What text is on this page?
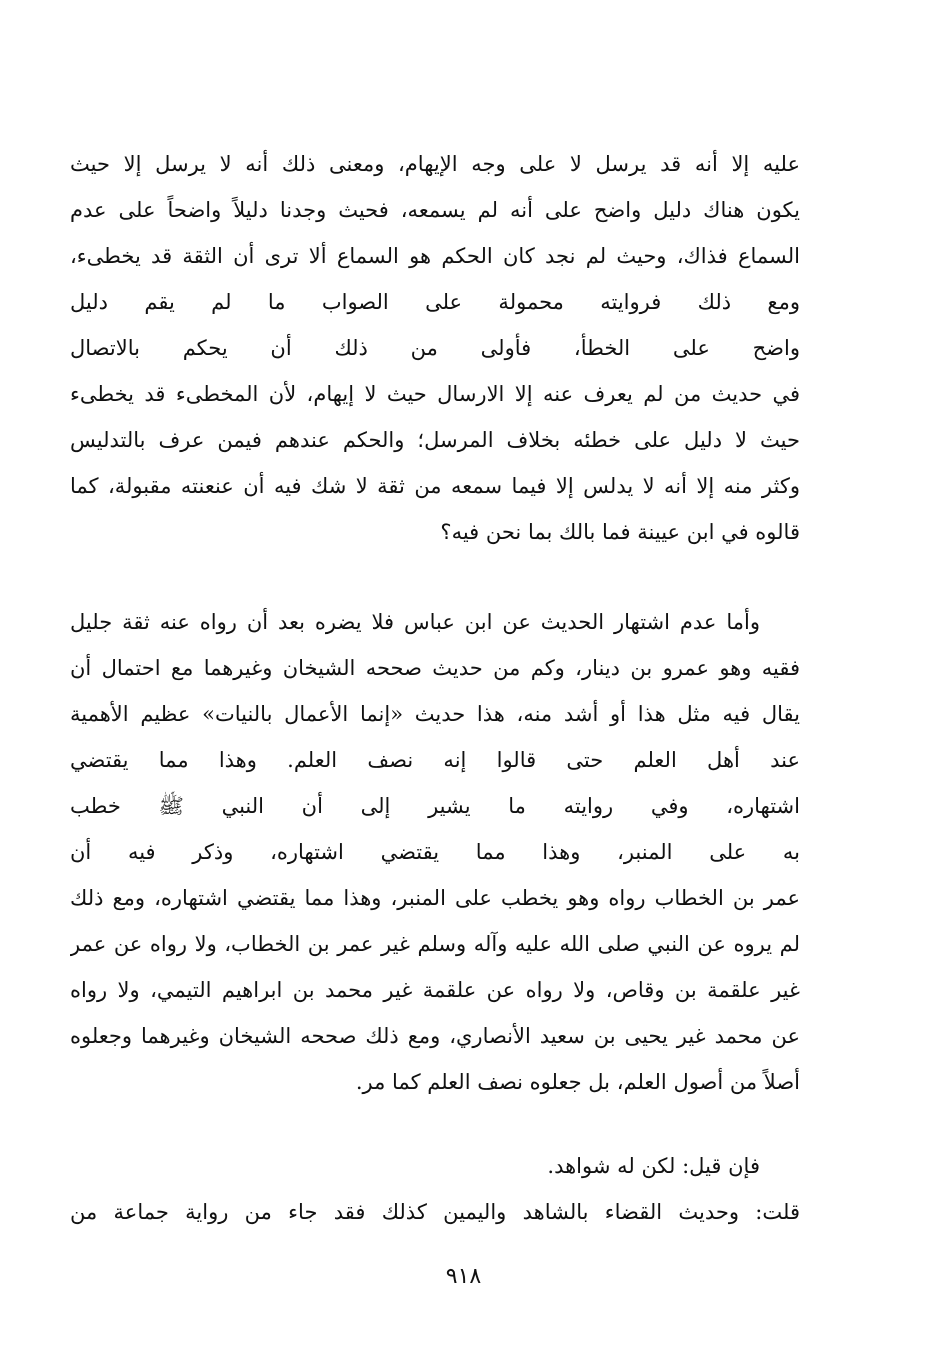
عليه إلا أنه قد يرسل لا على وجه الإيهام، ومعنى ذلك أنه لا يرسل إلا حيث
يكون هناك دليل واضح على أنه لم يسمعه، فحيث وجدنا دليلاً واضحاً على عدم
السماع فذاك، وحيث لم نجد كان الحكم هو السماع ألا ترى أن الثقة قد يخطىء،
ومع ذلك فروايته محمولة على الصواب ما لم يقم دليل
واضح على الخطأ، فأولى من ذلك أن يحكم بالاتصال
في حديث من لم يعرف عنه إلا الارسال حيث لا إيهام، لأن المخطىء قد يخطىء
حيث لا دليل على خطئه بخلاف المرسل؛ والحكم عندهم فيمن عرف بالتدليس
وكثر منه إلا أنه لا يدلس إلا فيما سمعه من ثقة لا شك فيه أن عنعنته مقبولة، كما
قالوه في ابن عيينة فما بالك بما نحن فيه؟
وأما عدم اشتهار الحديث عن ابن عباس فلا يضره بعد أن رواه عنه ثقة جليل
فقيه وهو عمرو بن دينار، وكم من حديث صححه الشيخان وغيرهما مع احتمال أن
يقال فيه مثل هذا أو أشد منه، هذا حديث «إنما الأعمال بالنيات» عظيم الأهمية
عند أهل العلم حتى قالوا إنه نصف العلم. وهذا مما يقتضي
اشتهاره، وفي روايته ما يشير إلى أن النبي ﷺ خطب
به على المنبر، وهذا مما يقتضي اشتهاره، وذكر فيه أن
عمر بن الخطاب رواه وهو يخطب على المنبر، وهذا مما يقتضي اشتهاره، ومع ذلك
لم يروه عن النبي صلى الله عليه وآله وسلم غير عمر بن الخطاب، ولا رواه عن عمر
غير علقمة بن وقاص، ولا رواه عن علقمة غير محمد بن ابراهيم التيمي، ولا رواه
عن محمد غير يحيى بن سعيد الأنصاري، ومع ذلك صححه الشيخان وغيرهما وجعلوه
أصلاً من أصول العلم، بل جعلوه نصف العلم كما مر.
فإن قيل: لكن له شواهد.
قلت: وحديث القضاء بالشاهد واليمين كذلك فقد جاء من رواية جماعة من
٩١٨
